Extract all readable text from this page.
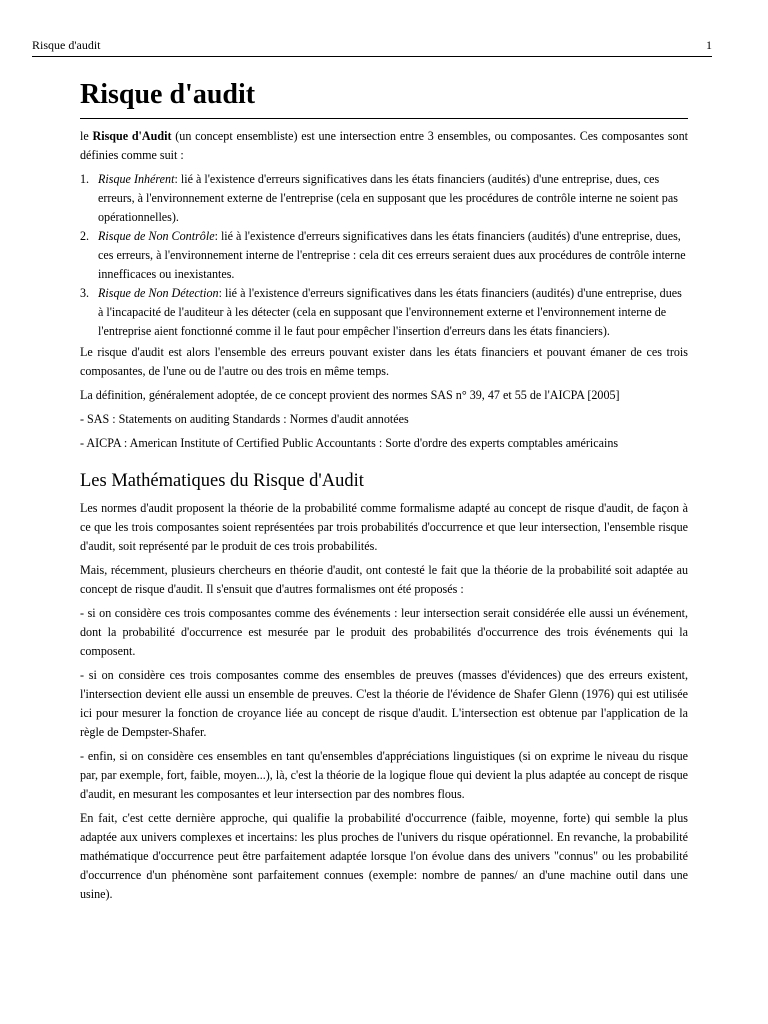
Risque d'audit	1
Risque d'audit

le Risque d'Audit (un concept ensembliste) est une intersection entre 3 ensembles, ou composantes. Ces composantes sont définies comme suit :

1. Risque Inhérent: lié à l'existence d'erreurs significatives dans les états financiers (audités) d'une entreprise, dues, ces erreurs, à l'environnement externe de l'entreprise (cela en supposant que les procédures de contrôle interne ne soient pas opérationnelles).
2. Risque de Non Contrôle: lié à l'existence d'erreurs significatives dans les états financiers (audités) d'une entreprise, dues, ces erreurs, à l'environnement interne de l'entreprise : cela dit ces erreurs seraient dues aux procédures de contrôle interne innefficaces ou inexistantes.
3. Risque de Non Détection: lié à l'existence d'erreurs significatives dans les états financiers (audités) d'une entreprise, dues à l'incapacité de l'auditeur à les détecter (cela en supposant que l'environnement externe et l'environnement interne de l'entreprise aient fonctionné comme il le faut pour empêcher l'insertion d'erreurs dans les états financiers).

Le risque d'audit est alors l'ensemble des erreurs pouvant exister dans les états financiers et pouvant émaner de ces trois composantes, de l'une ou de l'autre ou des trois en même temps.

La définition, généralement adoptée, de ce concept provient des normes SAS n° 39, 47 et 55 de l'AICPA [2005]

- SAS : Statements on auditing Standards : Normes d'audit annotées

- AICPA : American Institute of Certified Public Accountants : Sorte d'ordre des experts comptables américains

Les Mathématiques du Risque d'Audit

Les normes d'audit proposent la théorie de la probabilité comme formalisme adapté au concept de risque d'audit, de façon à ce que les trois composantes soient représentées par trois probabilités d'occurrence et que leur intersection, l'ensemble risque d'audit, soit représenté par le produit de ces trois probabilités.

Mais, récemment, plusieurs chercheurs en théorie d'audit, ont contesté le fait que la théorie de la probabilité soit adaptée au concept de risque d'audit. Il s'ensuit que d'autres formalismes ont été proposés :

- si on considère ces trois composantes comme des événements : leur intersection serait considérée elle aussi un événement, dont la probabilité d'occurrence est mesurée par le produit des probabilités d'occurrence des trois événements qui la composent.

- si on considère ces trois composantes comme des ensembles de preuves (masses d'évidences) que des erreurs existent, l'intersection devient elle aussi un ensemble de preuves. C'est la théorie de l'évidence de Shafer Glenn (1976) qui est utilisée ici pour mesurer la fonction de croyance liée au concept de risque d'audit. L'intersection est obtenue par l'application de la règle de Dempster-Shafer.

- enfin, si on considère ces ensembles en tant qu'ensembles d'appréciations linguistiques (si on exprime le niveau du risque par, par exemple, fort, faible, moyen...), là, c'est la théorie de la logique floue qui devient la plus adaptée au concept de risque d'audit, en mesurant les composantes et leur intersection par des nombres flous.

En fait, c'est cette dernière approche, qui qualifie la probabilité d'occurrence (faible, moyenne, forte) qui semble la plus adaptée aux univers complexes et incertains: les plus proches de l'univers du risque opérationnel. En revanche, la probabilité mathématique d'occurrence peut être parfaitement adaptée lorsque l'on évolue dans des univers "connus" ou les probabilité d'occurrence d'un phénomène sont parfaitement connues (exemple: nombre de pannes/ an d'une machine outil dans une usine).
